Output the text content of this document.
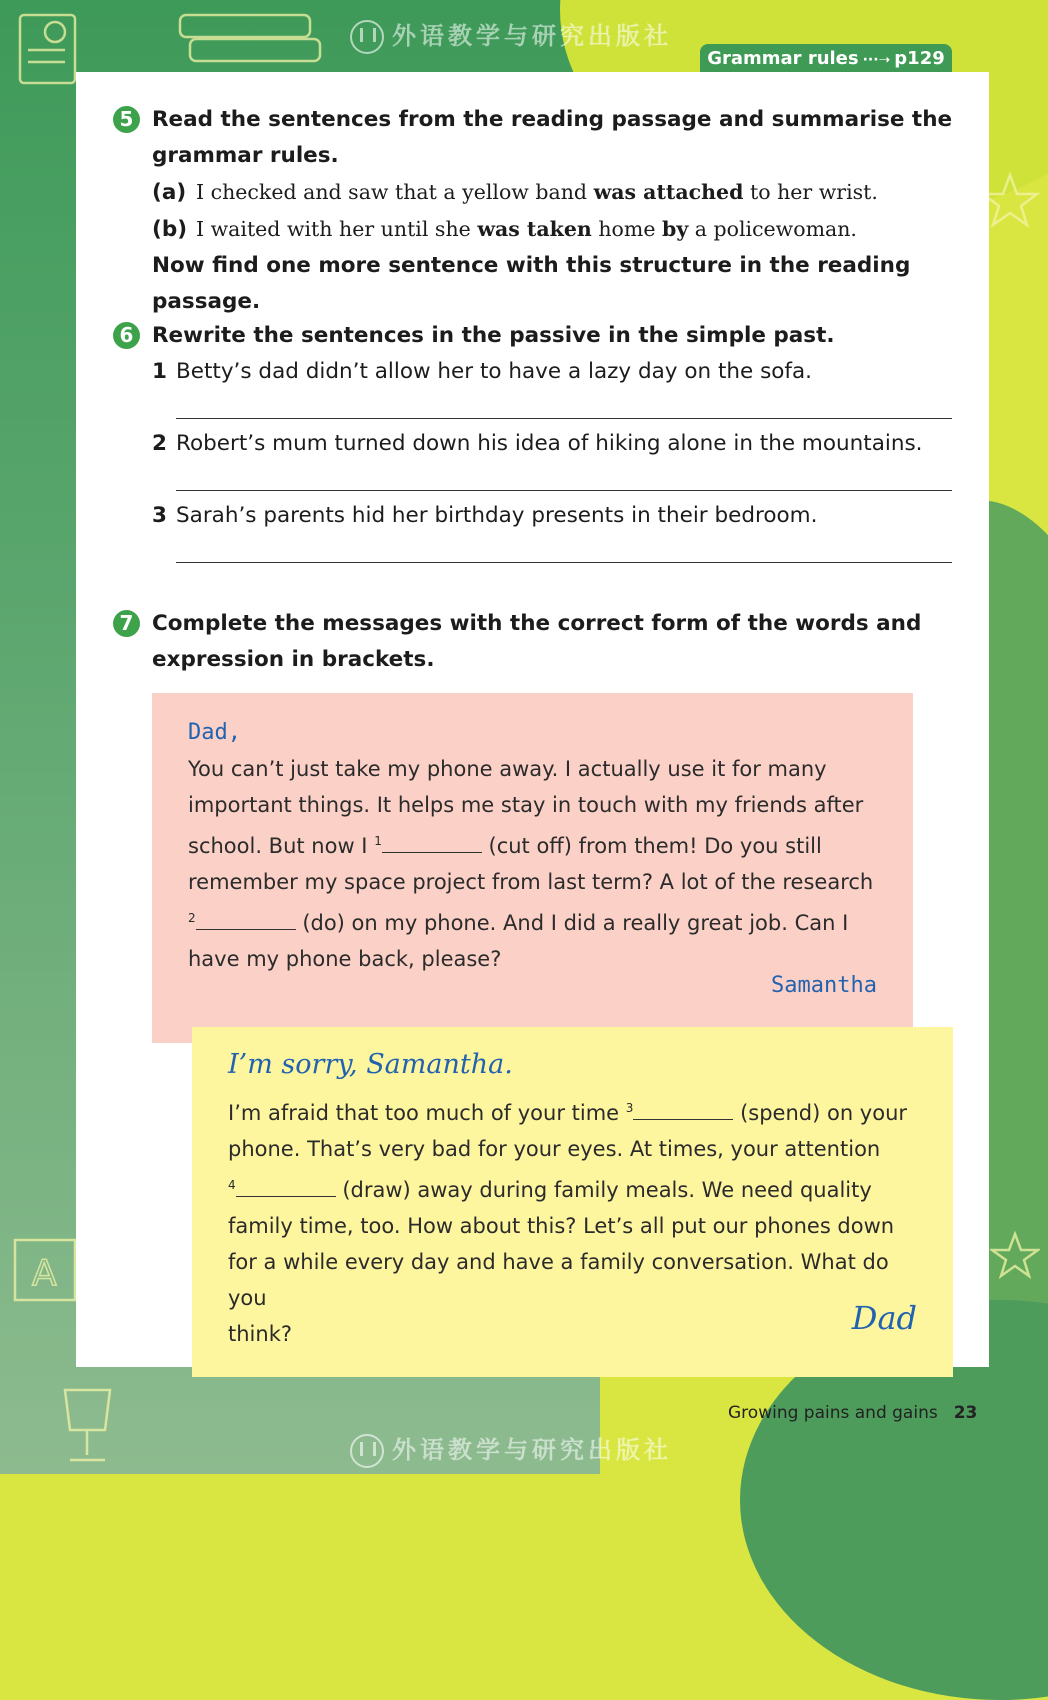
A
外语教学与研究出版社
Grammar rules ···➝ p129
5 Read the sentences from the reading passage and summarise the
grammar rules.
(a) I checked and saw that a yellow band was attached to her wrist.
(b) I waited with her until she was taken home by a policewoman.
Now find one more sentence with this structure in the reading passage.
6 Rewrite the sentences in the passive in the simple past.
1 Betty’s dad didn’t allow her to have a lazy day on the sofa.
2 Robert’s mum turned down his idea of hiking alone in the mountains.
3 Sarah’s parents hid her birthday presents in their bedroom.
7 Complete the messages with the correct form of the words and
expression in brackets.
Dad,
You can’t just take my phone away. I actually use it for many
important things. It helps me stay in touch with my friends after
school. But now I $^1$	(cut off) from them! Do you still
remember my space project from last term? A lot of the research
$^2$	(do) on my phone. And I did a really great job. Can I
have my phone back, please?
Samantha
I’m sorry, Samantha.
I’m afraid that too much of your time $^3$	(spend) on your
phone. That’s very bad for your eyes. At times, your attention
$^4$	(draw) away during family meals. We need quality
family time, too. How about this? Let’s all put our phones down
for a while every day and have a family conversation. What do you
think?	Dad
Growing pains and gains 23
外语教学与研究出版社
